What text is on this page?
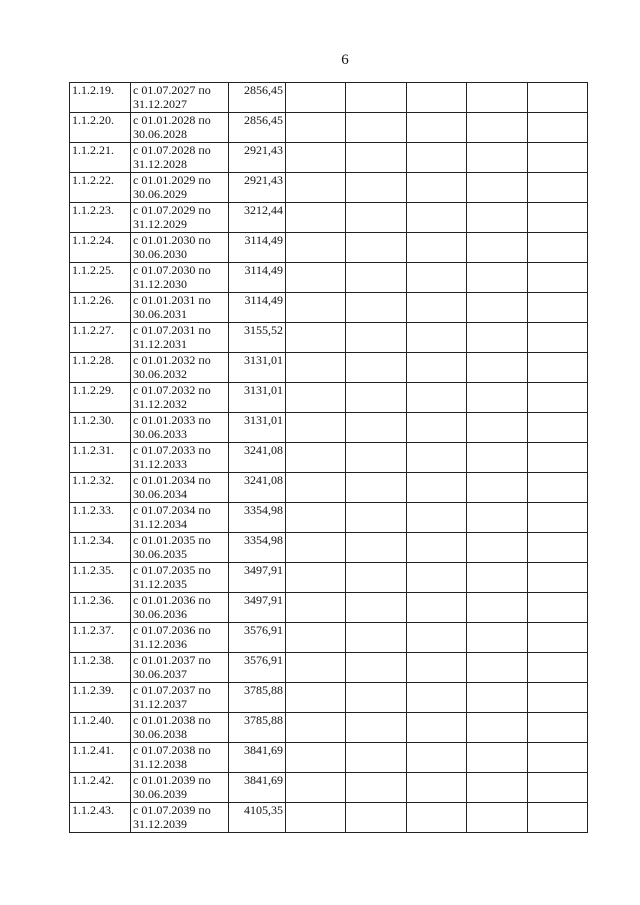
6
1.1.2.19.	с 01.07.2027 по
31.12.2027	2856,45					
1.1.2.20.	с 01.01.2028 по
30.06.2028	2856,45					
1.1.2.21.	с 01.07.2028 по
31.12.2028	2921,43					
1.1.2.22.	с 01.01.2029 по
30.06.2029	2921,43					
1.1.2.23.	с 01.07.2029 по
31.12.2029	3212,44					
1.1.2.24.	с 01.01.2030 по
30.06.2030	3114,49					
1.1.2.25.	с 01.07.2030 по
31.12.2030	3114,49					
1.1.2.26.	с 01.01.2031 по
30.06.2031	3114,49					
1.1.2.27.	с 01.07.2031 по
31.12.2031	3155,52					
1.1.2.28.	с 01.01.2032 по
30.06.2032	3131,01					
1.1.2.29.	с 01.07.2032 по
31.12.2032	3131,01					
1.1.2.30.	с 01.01.2033 по
30.06.2033	3131,01					
1.1.2.31.	с 01.07.2033 по
31.12.2033	3241,08					
1.1.2.32.	с 01.01.2034 по
30.06.2034	3241,08					
1.1.2.33.	с 01.07.2034 по
31.12.2034	3354,98					
1.1.2.34.	с 01.01.2035 по
30.06.2035	3354,98					
1.1.2.35.	с 01.07.2035 по
31.12.2035	3497,91					
1.1.2.36.	с 01.01.2036 по
30.06.2036	3497,91					
1.1.2.37.	с 01.07.2036 по
31.12.2036	3576,91					
1.1.2.38.	с 01.01.2037 по
30.06.2037	3576,91					
1.1.2.39.	с 01.07.2037 по
31.12.2037	3785,88					
1.1.2.40.	с 01.01.2038 по
30.06.2038	3785,88					
1.1.2.41.	с 01.07.2038 по
31.12.2038	3841,69					
1.1.2.42.	с 01.01.2039 по
30.06.2039	3841,69					
1.1.2.43.	с 01.07.2039 по
31.12.2039	4105,35					
